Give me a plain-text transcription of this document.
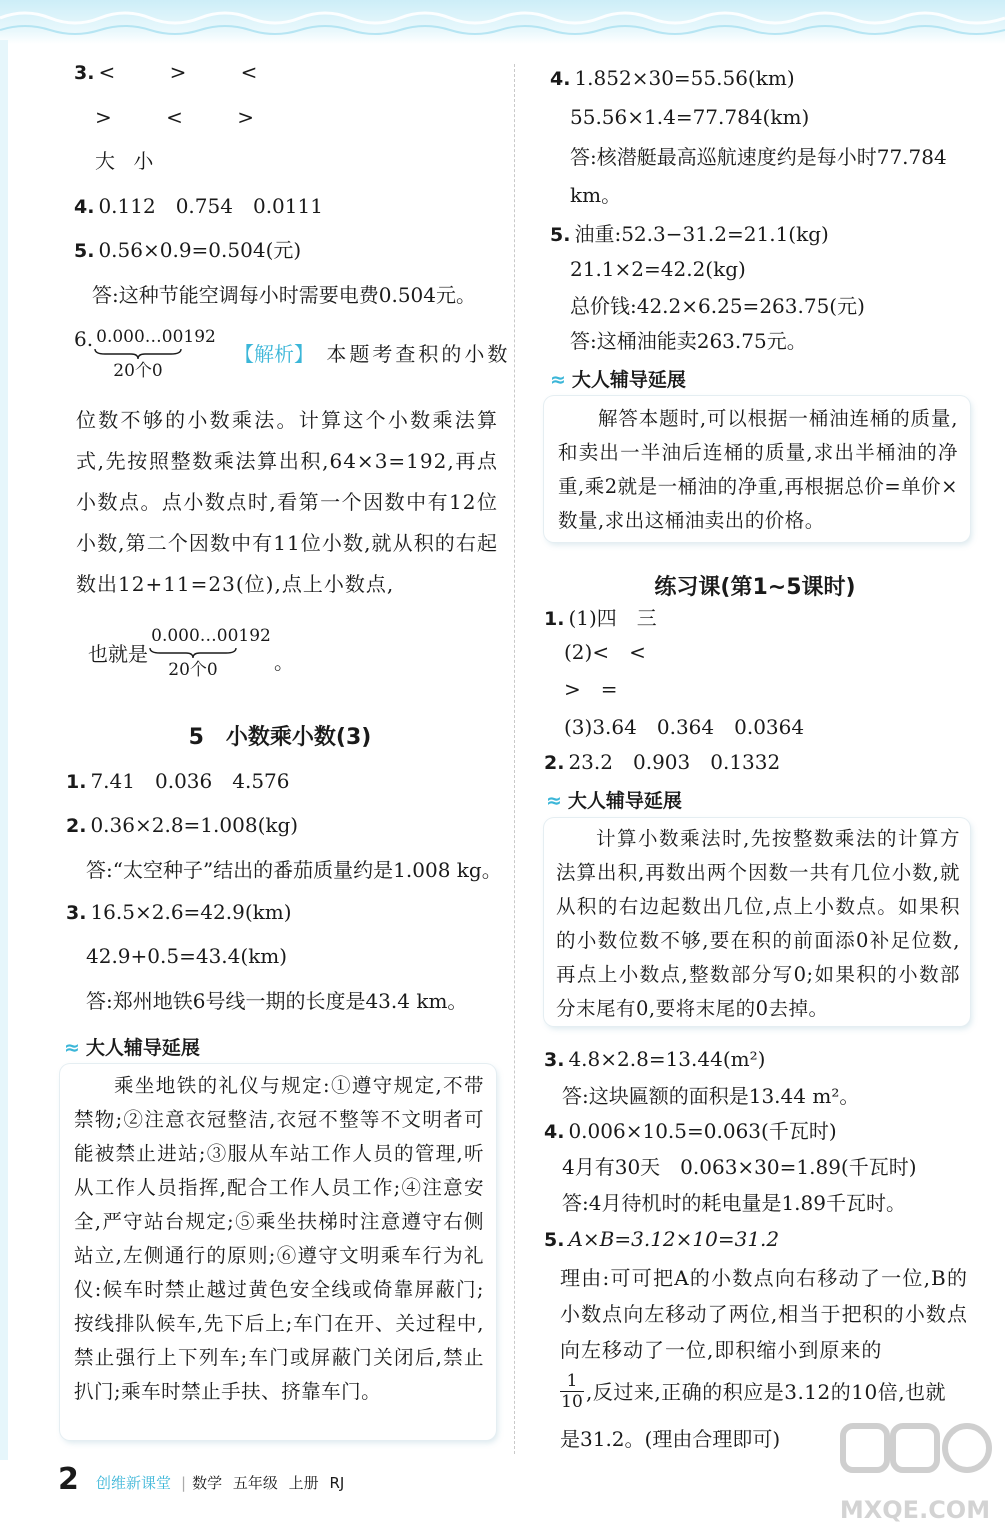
3. < > <
> < >
大 小
4. 0.112　0.754　0.0111
5. 0.56×0.9=0.504(元)
答:这种节能空调每小时需要电费0.504元。
6. 0.000…00192
20个0
【解析】 本题考查积的小数
位数不够的小数乘法。计算这个小数乘法算式,先按照整数乘法算出积,64×3=192,再点小数点。点小数点时,看第一个因数中有12位小数,第二个因数中有11位小数,就从积的右起数出12+11=23(位),点上小数点,
也就是
0.000…00192
20个0	。
5　小数乘小数(3)
1. 7.41　0.036　4.576
2. 0.36×2.8=1.008(kg)
答:“太空种子”结出的番茄质量约是1.008 kg。
3. 16.5×2.6=42.9(km)
42.9+0.5=43.4(km)
答:郑州地铁6号线一期的长度是43.4 km。
≈ 大人辅导延展
乘坐地铁的礼仪与规定:①遵守规定,不带禁物;②注意衣冠整洁,衣冠不整等不文明者可能被禁止进站;③服从车站工作人员的管理,听从工作人员指挥,配合工作人员工作;④注意安全,严守站台规定;⑤乘坐扶梯时注意遵守右侧站立,左侧通行的原则;⑥遵守文明乘车行为礼仪:候车时禁止越过黄色安全线或倚靠屏蔽门;按线排队候车,先下后上;车门在开、关过程中,禁止强行上下列车;车门或屏蔽门关闭后,禁止扒门;乘车时禁止手扶、挤靠车门。
4. 1.852×30=55.56(km)
55.56×1.4=77.784(km)
答:核潜艇最高巡航速度约是每小时77.784
km。
5. 油重:52.3−31.2=21.1(kg)
21.1×2=42.2(kg)
总价钱:42.2×6.25=263.75(元)
答:这桶油能卖263.75元。
≈ 大人辅导延展
解答本题时,可以根据一桶油连桶的质量,和卖出一半油后连桶的质量,求出半桶油的净重,乘2就是一桶油的净重,再根据总价=单价×数量,求出这桶油卖出的价格。
练习课(第1~5课时)
1. (1)四　三
(2)<　<
>　=
(3)3.64　0.364　0.0364
2. 23.2　0.903　0.1332
≈ 大人辅导延展
计算小数乘法时,先按整数乘法的计算方法算出积,再数出两个因数一共有几位小数,就从积的右边起数出几位,点上小数点。如果积的小数位数不够,要在积的前面添0补足位数,再点上小数点,整数部分写0;如果积的小数部分末尾有0,要将末尾的0去掉。
3. 4.8×2.8=13.44(m²)
答:这块匾额的面积是13.44 m²。
4. 0.006×10.5=0.063(千瓦时)
4月有30天　0.063×30=1.89(千瓦时)
答:4月待机时的耗电量是1.89千瓦时。
5. A×B=3.12×10=31.2
理由:可可把A的小数点向右移动了一位,B的小数点向左移动了两位,相当于把积的小数点向左移动了一位,即积缩小到原来的
$\frac{1}{10}$ ,反过来,正确的积应是3.12的10倍,也就
是31.2。(理由合理即可)
2 创维新课堂 | 数学 五年级 上册 RJ
MXQE.COM
